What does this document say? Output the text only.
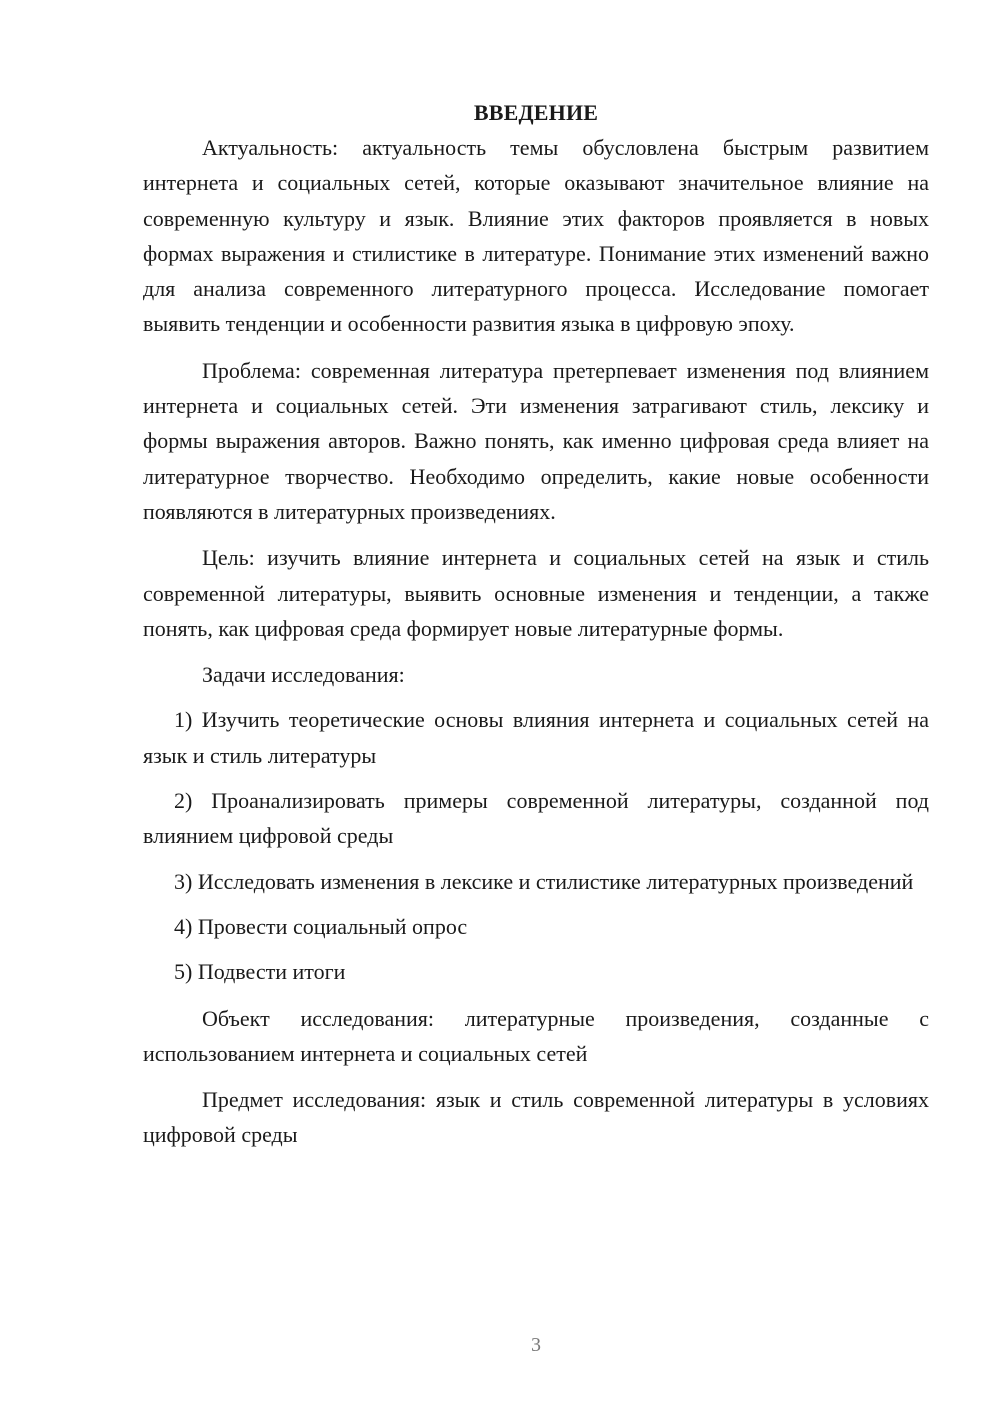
ВВЕДЕНИЕ

Актуальность: актуальность темы обусловлена быстрым развитием интернета и социальных сетей, которые оказывают значительное влияние на современную культуру и язык. Влияние этих факторов проявляется в новых формах выражения и стилистике в литературе. Понимание этих изменений важно для анализа современного литературного процесса. Исследование помогает выявить тенденции и особенности развития языка в цифровую эпоху.

Проблема: современная литература претерпевает изменения под влиянием интернета и социальных сетей. Эти изменения затрагивают стиль, лексику и формы выражения авторов. Важно понять, как именно цифровая среда влияет на литературное творчество. Необходимо определить, какие новые особенности появляются в литературных произведениях.

Цель: изучить влияние интернета и социальных сетей на язык и стиль современной литературы, выявить основные изменения и тенденции, а также понять, как цифровая среда формирует новые литературные формы.

Задачи исследования:

1) Изучить теоретические основы влияния интернета и социальных сетей на язык и стиль литературы

2) Проанализировать примеры современной литературы, созданной под влиянием цифровой среды

3) Исследовать изменения в лексике и стилистике литературных произведений

4) Провести социальный опрос

5) Подвести итоги

Объект исследования: литературные произведения, созданные с использованием интернета и социальных сетей

Предмет исследования: язык и стиль современной литературы в условиях цифровой среды

3
